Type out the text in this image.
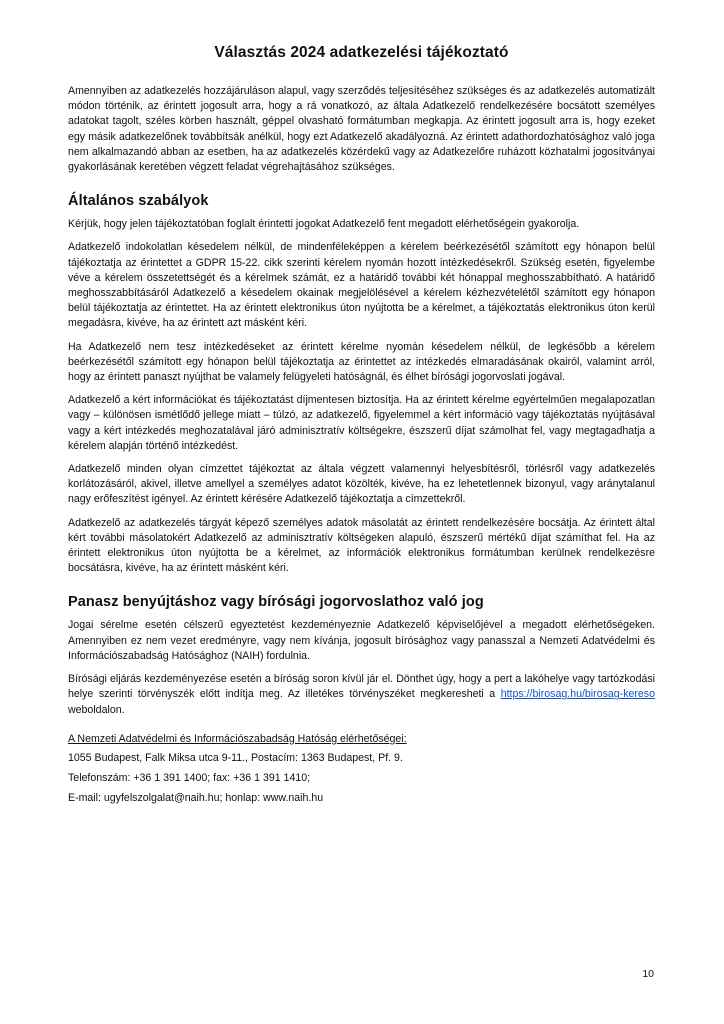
Választás 2024 adatkezelési tájékoztató

Amennyiben az adatkezelés hozzájáruláson alapul, vagy szerződés teljesítéséhez szükséges és az adatkezelés automatizált módon történik, az érintett jogosult arra, hogy a rá vonatkozó, az általa Adatkezelő rendelkezésére bocsátott személyes adatokat tagolt, széles körben használt, géppel olvasható formátumban megkapja. Az érintett jogosult arra is, hogy ezeket egy másik adatkezelőnek továbbítsák anélkül, hogy ezt Adatkezelő akadályozná. Az érintett adathordozhatósághoz való joga nem alkalmazandó abban az esetben, ha az adatkezelés közérdekű vagy az Adatkezelőre ruházott közhatalmi jogosítványai gyakorlásának keretében végzett feladat végrehajtásához szükséges.

Általános szabályok

Kérjük, hogy jelen tájékoztatóban foglalt érintetti jogokat Adatkezelő fent megadott elérhetőségein gyakorolja.

Adatkezelő indokolatlan késedelem nélkül, de mindenféleképpen a kérelem beérkezésétől számított egy hónapon belül tájékoztatja az érintettet a GDPR 15-22. cikk szerinti kérelem nyomán hozott intézkedésekről. Szükség esetén, figyelembe véve a kérelem összetettségét és a kérelmek számát, ez a határidő további két hónappal meghosszabbítható. A határidő meghosszabbításáról Adatkezelő a késedelem okainak megjelölésével a kérelem kézhezvételétől számított egy hónapon belül tájékoztatja az érintettet. Ha az érintett elektronikus úton nyújtotta be a kérelmet, a tájékoztatás elektronikus úton kerül megadásra, kivéve, ha az érintett azt másként kéri.

Ha Adatkezelő nem tesz intézkedéseket az érintett kérelme nyomán késedelem nélkül, de legkésőbb a kérelem beérkezésétől számított egy hónapon belül tájékoztatja az érintettet az intézkedés elmaradásának okairól, valamint arról, hogy az érintett panaszt nyújthat be valamely felügyeleti hatóságnál, és élhet bírósági jogorvoslati jogával.

Adatkezelő a kért információkat és tájékoztatást díjmentesen biztosítja. Ha az érintett kérelme egyértelműen megalapozatlan vagy – különösen ismétlődő jellege miatt – túlzó, az adatkezelő, figyelemmel a kért információ vagy tájékoztatás nyújtásával vagy a kért intézkedés meghozatalával járó adminisztratív költségekre, észszerű díjat számolhat fel, vagy megtagadhatja a kérelem alapján történő intézkedést.

Adatkezelő minden olyan címzettet tájékoztat az általa végzett valamennyi helyesbítésről, törlésről vagy adatkezelés korlátozásáról, akivel, illetve amellyel a személyes adatot közölték, kivéve, ha ez lehetetlennek bizonyul, vagy aránytalanul nagy erőfeszítést igényel. Az érintett kérésére Adatkezelő tájékoztatja a címzettekről.

Adatkezelő az adatkezelés tárgyát képező személyes adatok másolatát az érintett rendelkezésére bocsátja. Az érintett által kért további másolatokért Adatkezelő az adminisztratív költségeken alapuló, észszerű mértékű díjat számíthat fel. Ha az érintett elektronikus úton nyújtotta be a kérelmet, az információk elektronikus formátumban kerülnek rendelkezésre bocsátásra, kivéve, ha az érintett másként kéri.

Panasz benyújtáshoz vagy bírósági jogorvoslathoz való jog

Jogai sérelme esetén célszerű egyeztetést kezdeményeznie Adatkezelő képviselőjével a megadott elérhetőségeken. Amennyiben ez nem vezet eredményre, vagy nem kívánja, jogosult bírósághoz vagy panasszal a Nemzeti Adatvédelmi és Információszabadság Hatósághoz (NAIH) fordulnia.

Bírósági eljárás kezdeményezése esetén a bíróság soron kívül jár el. Dönthet úgy, hogy a pert a lakóhelye vagy tartózkodási helye szerinti törvényszék előtt indítja meg. Az illetékes törvényszéket megkeresheti a https://birosag.hu/birosag-kereso weboldalon.

A Nemzeti Adatvédelmi és Információszabadság Hatóság elérhetőségei:
1055 Budapest, Falk Miksa utca 9-11., Postacím: 1363 Budapest, Pf. 9.
Telefonszám: +36 1 391 1400; fax: +36 1 391 1410;
E-mail: ugyfelszolgalat@naih.hu; honlap: www.naih.hu
10
